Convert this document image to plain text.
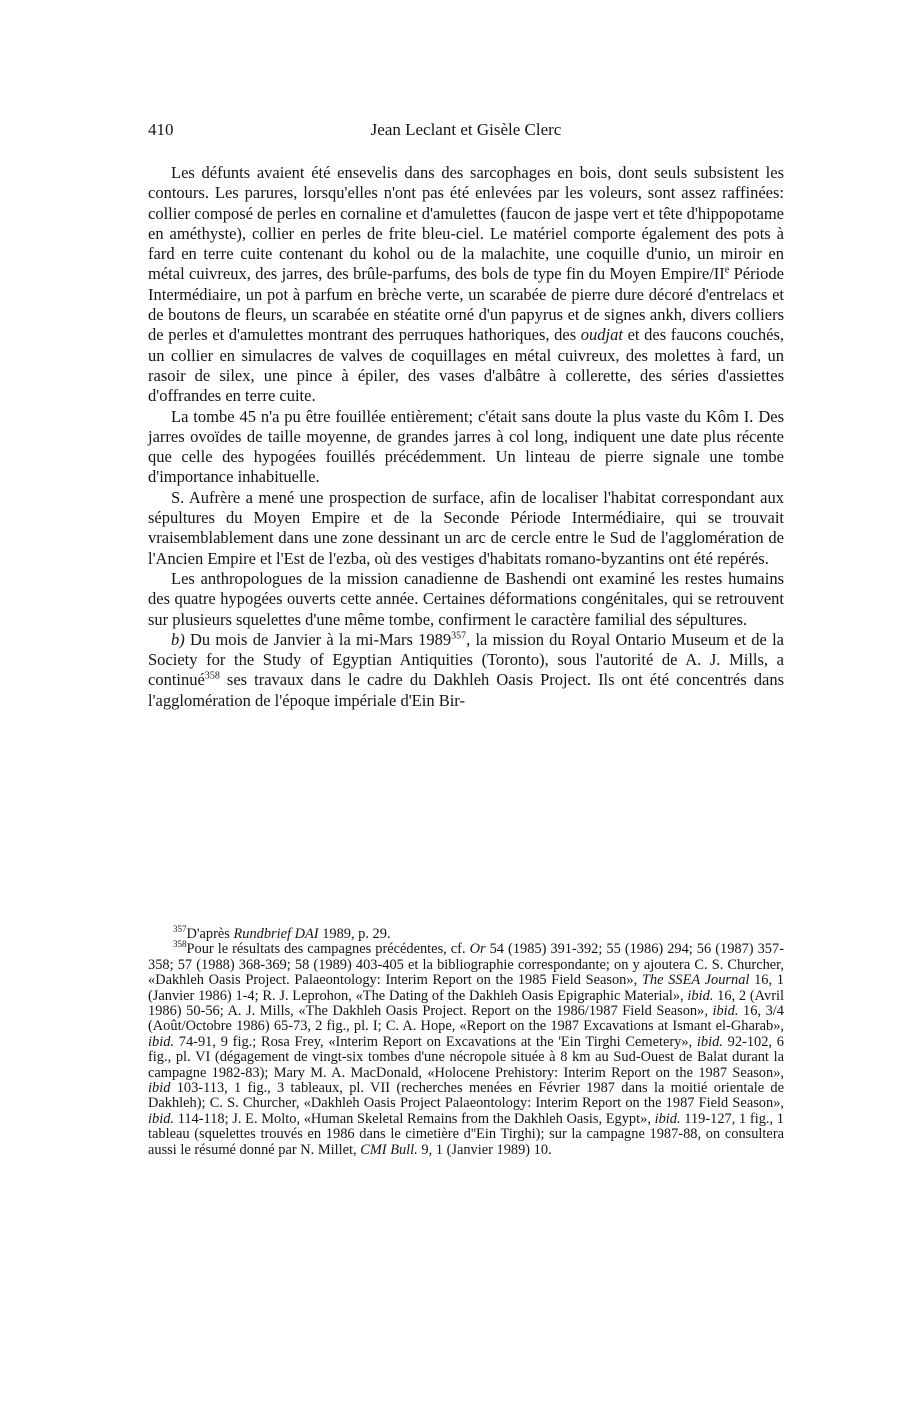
410	Jean Leclant et Gisèle Clerc

Les défunts avaient été ensevelis dans des sarcophages en bois, dont seuls subsistent les contours. Les parures, lorsqu'elles n'ont pas été enlevées par les voleurs, sont assez raffinées: collier composé de perles en cornaline et d'amulettes (faucon de jaspe vert et tête d'hippopotame en améthyste), collier en perles de frite bleu-ciel. Le matériel comporte également des pots à fard en terre cuite contenant du kohol ou de la malachite, une coquille d'unio, un miroir en métal cuivreux, des jarres, des brûle-parfums, des bols de type fin du Moyen Empire/IIe Période Intermédiaire, un pot à parfum en brèche verte, un scarabée de pierre dure décoré d'entrelacs et de boutons de fleurs, un scarabée en stéatite orné d'un papyrus et de signes ankh, divers colliers de perles et d'amulettes montrant des perruques hathoriques, des oudjat et des faucons couchés, un collier en simulacres de valves de coquillages en métal cuivreux, des molettes à fard, un rasoir de silex, une pince à épiler, des vases d'albâtre à collerette, des séries d'assiettes d'offrandes en terre cuite.

La tombe 45 n'a pu être fouillée entièrement; c'était sans doute la plus vaste du Kôm I. Des jarres ovoïdes de taille moyenne, de grandes jarres à col long, indiquent une date plus récente que celle des hypogées fouillés précédemment. Un linteau de pierre signale une tombe d'importance inhabituelle.

S. Aufrère a mené une prospection de surface, afin de localiser l'habitat correspondant aux sépultures du Moyen Empire et de la Seconde Période Intermédiaire, qui se trouvait vraisemblablement dans une zone dessinant un arc de cercle entre le Sud de l'agglomération de l'Ancien Empire et l'Est de l'ezba, où des vestiges d'habitats romano-byzantins ont été repérés.

Les anthropologues de la mission canadienne de Bashendi ont examiné les restes humains des quatre hypogées ouverts cette année. Certaines déformations congénitales, qui se retrouvent sur plusieurs squelettes d'une même tombe, confirment le caractère familial des sépultures.

b) Du mois de Janvier à la mi-Mars 1989$^{357}$, la mission du Royal Ontario Museum et de la Society for the Study of Egyptian Antiquities (Toronto), sous l'autorité de A. J. Mills, a continué$^{358}$ ses travaux dans le cadre du Dakhleh Oasis Project. Ils ont été concentrés dans l'agglomération de l'époque impériale d'Ein Bir-

$^{357}$D'après Rundbrief DAI 1989, p. 29.

$^{358}$Pour le résultats des campagnes précédentes, cf. Or 54 (1985) 391-392; 55 (1986) 294; 56 (1987) 357-358; 57 (1988) 368-369; 58 (1989) 403-405 et la bibliographie correspondante; on y ajoutera C. S. Churcher, «Dakhleh Oasis Project. Palaeontology: Interim Report on the 1985 Field Season», The SSEA Journal 16, 1 (Janvier 1986) 1-4; R. J. Leprohon, «The Dating of the Dakhleh Oasis Epigraphic Material», ibid. 16, 2 (Avril 1986) 50-56; A. J. Mills, «The Dakhleh Oasis Project. Report on the 1986/1987 Field Season», ibid. 16, 3/4 (Août/Octobre 1986) 65-73, 2 fig., pl. I; C. A. Hope, «Report on the 1987 Excavations at Ismant el-Gharab», ibid. 74-91, 9 fig.; Rosa Frey, «Interim Report on Excavations at the 'Ein Tirghi Cemetery», ibid. 92-102, 6 fig., pl. VI (dégagement de vingt-six tombes d'une nécropole située à 8 km au Sud-Ouest de Balat durant la campagne 1982-83); Mary M. A. MacDonald, «Holocene Prehistory: Interim Report on the 1987 Season», ibid 103-113, 1 fig., 3 tableaux, pl. VII (recherches menées en Février 1987 dans la moitié orientale de Dakhleh); C. S. Churcher, «Dakhleh Oasis Project Palaeontology: Interim Report on the 1987 Field Season», ibid. 114-118; J. E. Molto, «Human Skeletal Remains from the Dakhleh Oasis, Egypt», ibid. 119-127, 1 fig., 1 tableau (squelettes trouvés en 1986 dans le cimetière d''Ein Tirghi); sur la campagne 1987-88, on consultera aussi le résumé donné par N. Millet, CMI Bull. 9, 1 (Janvier 1989) 10.
